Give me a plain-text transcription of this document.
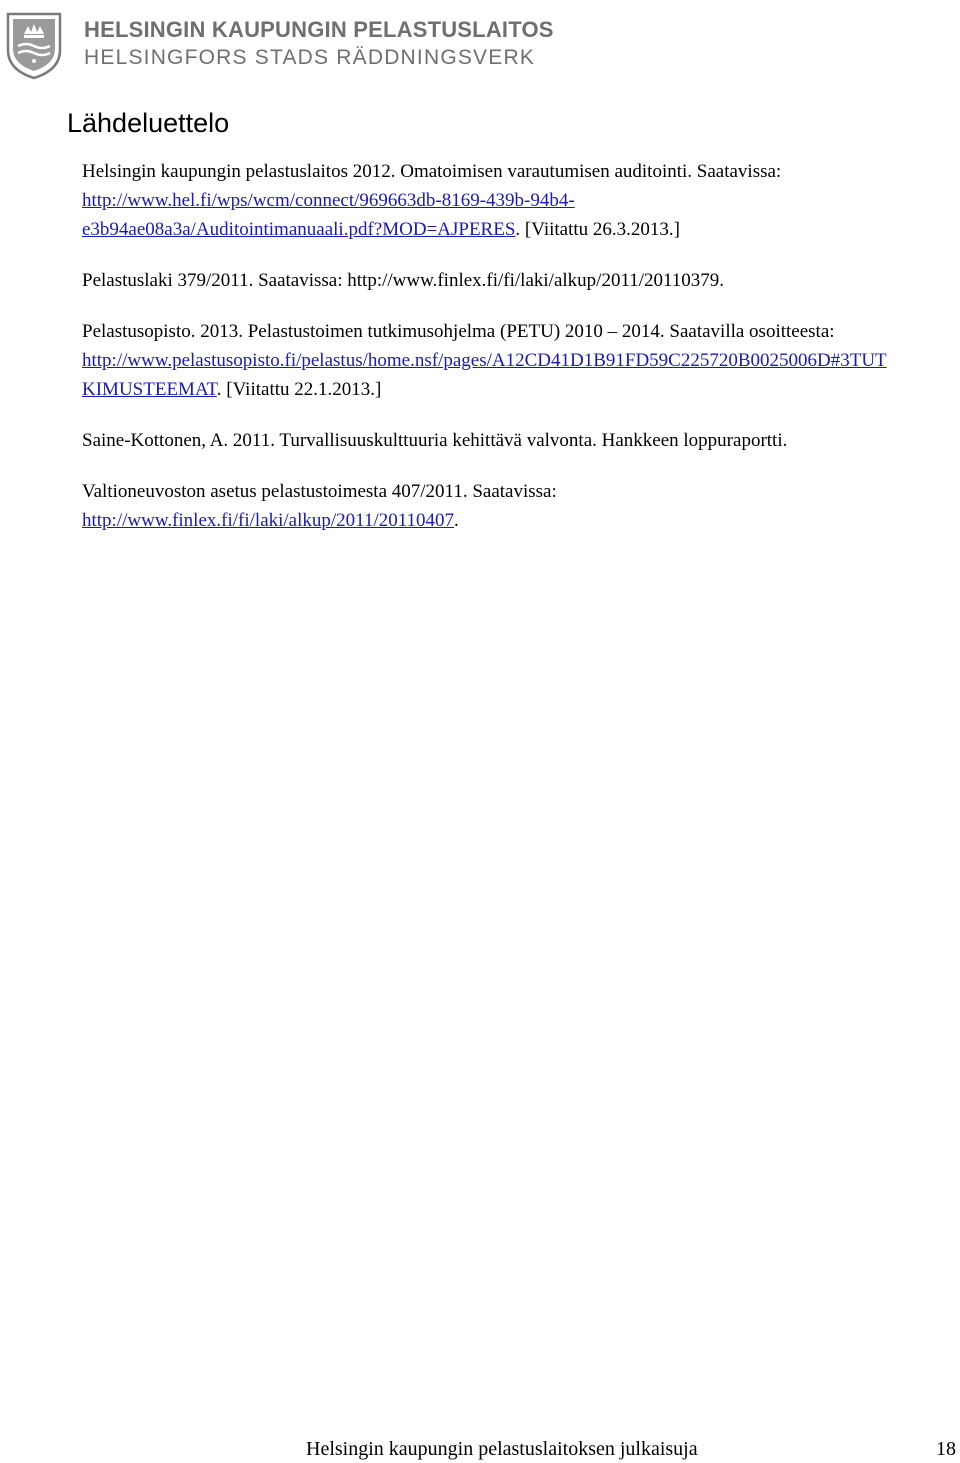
HELSINGIN KAUPUNGIN PELASTUSLAITOS
HELSINGFORS STADS RÄDDNINGSVERK
Lähdeluettelo

Helsingin kaupungin pelastuslaitos 2012. Omatoimisen varautumisen auditointi. Saatavissa:
http://www.hel.fi/wps/wcm/connect/969663db-8169-439b-94b4-
e3b94ae08a3a/Auditointimanuaali.pdf?MOD=AJPERES. [Viitattu 26.3.2013.]

Pelastuslaki 379/2011. Saatavissa: http://www.finlex.fi/fi/laki/alkup/2011/20110379.

Pelastusopisto. 2013. Pelastustoimen tutkimusohjelma (PETU) 2010 – 2014. Saatavilla osoitteesta:
http://www.pelastusopisto.fi/pelastus/home.nsf/pages/A12CD41D1B91FD59C225720B0025006D#3TUT
KIMUSTEEMAT. [Viitattu 22.1.2013.]

Saine-Kottonen, A. 2011. Turvallisuuskulttuuria kehittävä valvonta. Hankkeen loppuraportti.

Valtioneuvoston asetus pelastustoimesta 407/2011. Saatavissa:
http://www.finlex.fi/fi/laki/alkup/2011/20110407.

Helsingin kaupungin pelastuslaitoksen julkaisuja	18
